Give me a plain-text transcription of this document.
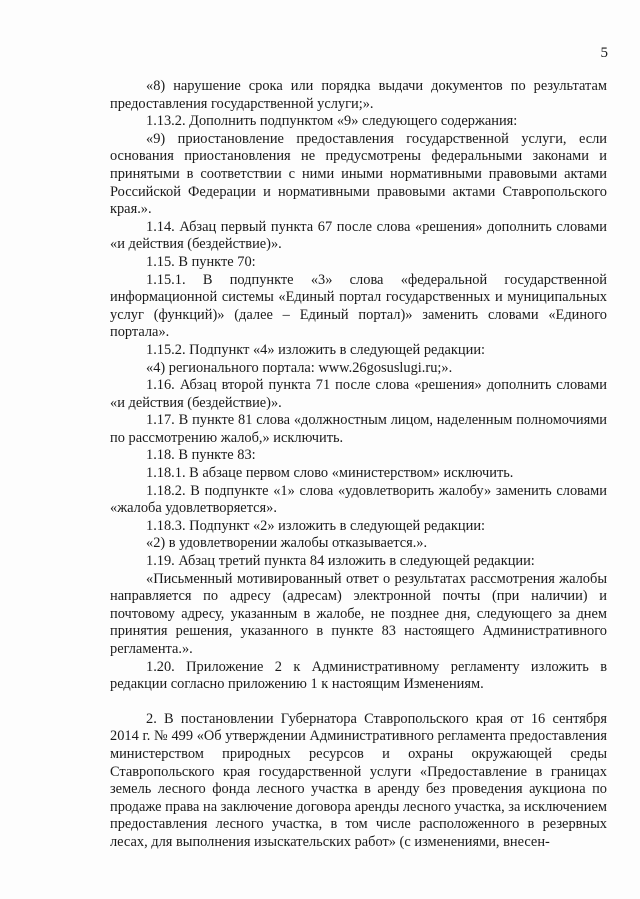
5

«8) нарушение срока или порядка выдачи документов по результатам предоставления государственной услуги;».

1.13.2. Дополнить подпунктом «9» следующего содержания:

«9) приостановление предоставления государственной услуги, если основания приостановления не предусмотрены федеральными законами и принятыми в соответствии с ними иными нормативными правовыми актами Российской Федерации и нормативными правовыми актами Ставропольского края.».

1.14. Абзац первый пункта 67 после слова «решения» дополнить словами «и действия (бездействие)».

1.15. В пункте 70:

1.15.1. В подпункте «3» слова «федеральной государственной информационной системы «Единый портал государственных и муниципальных услуг (функций)» (далее – Единый портал)» заменить словами «Единого портала».

1.15.2. Подпункт «4» изложить в следующей редакции:

«4) регионального портала: www.26gosuslugi.ru;».

1.16. Абзац второй пункта 71 после слова «решения» дополнить словами «и действия (бездействие)».

1.17. В пункте 81 слова «должностным лицом, наделенным полномочиями по рассмотрению жалоб,» исключить.

1.18. В пункте 83:

1.18.1. В абзаце первом слово «министерством» исключить.

1.18.2. В подпункте «1» слова «удовлетворить жалобу» заменить словами «жалоба удовлетворяется».

1.18.3. Подпункт «2» изложить в следующей редакции:

«2) в удовлетворении жалобы отказывается.».

1.19. Абзац третий пункта 84 изложить в следующей редакции:

«Письменный мотивированный ответ о результатах рассмотрения жалобы направляется по адресу (адресам) электронной почты (при наличии) и почтовому адресу, указанным в жалобе, не позднее дня, следующего за днем принятия решения, указанного в пункте 83 настоящего Административного регламента.».

1.20. Приложение 2 к Административному регламенту изложить в редакции согласно приложению 1 к настоящим Изменениям.

2. В постановлении Губернатора Ставропольского края от 16 сентября 2014 г. № 499 «Об утверждении Административного регламента предоставления министерством природных ресурсов и охраны окружающей среды Ставропольского края государственной услуги «Предоставление в границах земель лесного фонда лесного участка в аренду без проведения аукциона по продаже права на заключение договора аренды лесного участка, за исключением предоставления лесного участка, в том числе расположенного в резервных лесах, для выполнения изыскательских работ» (с изменениями, внесен-
